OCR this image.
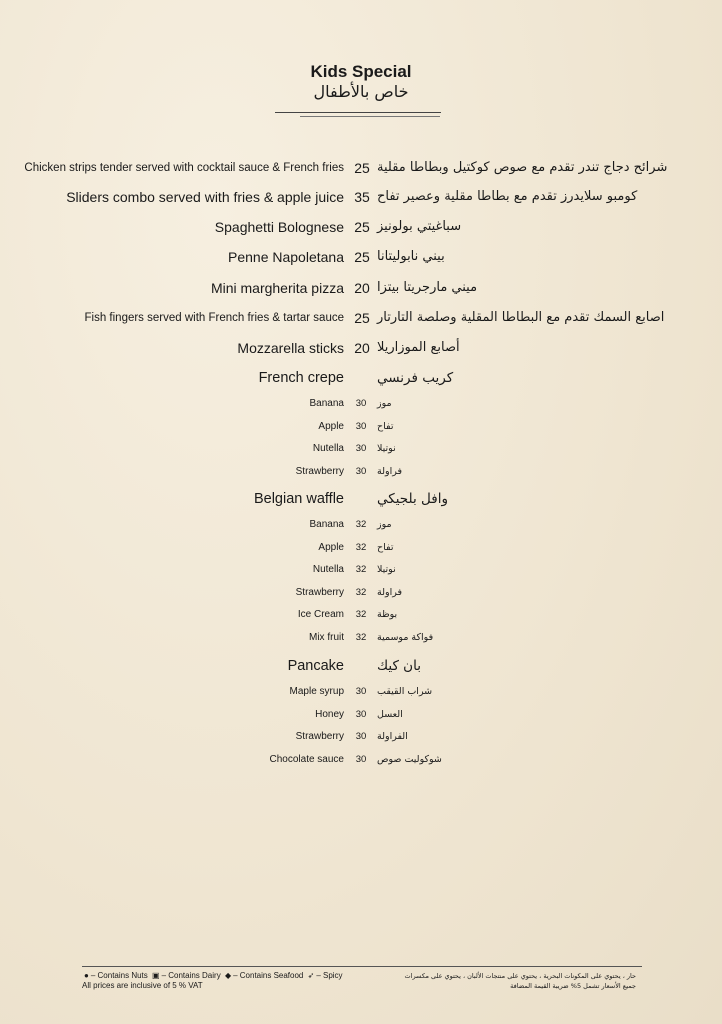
Kids Special
خاص بالأطفال
Chicken strips tender served with cocktail sauce & French fries 25 شرائح دجاج تندر تقدم مع صوص كوكتيل وبطاطا مقلية
Sliders combo served with fries & apple juice 35 كومبو سلايدرز تقدم مع بطاطا مقلية وعصير تفاح
Spaghetti Bolognese 25 سباغيتي بولونيز
Penne Napoletana 25 بيني نابوليتانا
Mini margherita pizza 20 ميني مارجريتا بيتزا
Fish fingers served with French fries & tartar sauce 25 اصابع السمك تقدم مع البطاطا المقلية وصلصة التارتار
Mozzarella sticks 20 أصابع الموزاريلا
French crepe كريب فرنسي
Banana	30	موز
Apple	30	تفاح
Nutella	30	نوتيلا
Strawberry	30	فراولة
Belgian waffle وافل بلجيكي
Banana	32	موز
Apple	32	تفاح
Nutella	32	نوتيلا
Strawberry	32	فراولة
Ice Cream	32	بوظة
Mix fruit	32	فواكة موسمية
Pancake بان كيك
Maple syrup	30	شراب القيقب
Honey	30	العسل
Strawberry	30	الفراولة
Chocolate sauce	30	شوكوليت صوص
● – Contains Nuts ▣ – Contains Dairy ◆ – Contains Seafood ➶ – Spicy
All prices are inclusive of 5 % VAT
حار ، يحتوي على المكونات البحرية ، يحتوي على منتجات الألبان ، يحتوي على مكسرات
جميع الأسعار تشمل 5% ضريبة القيمة المضافة
